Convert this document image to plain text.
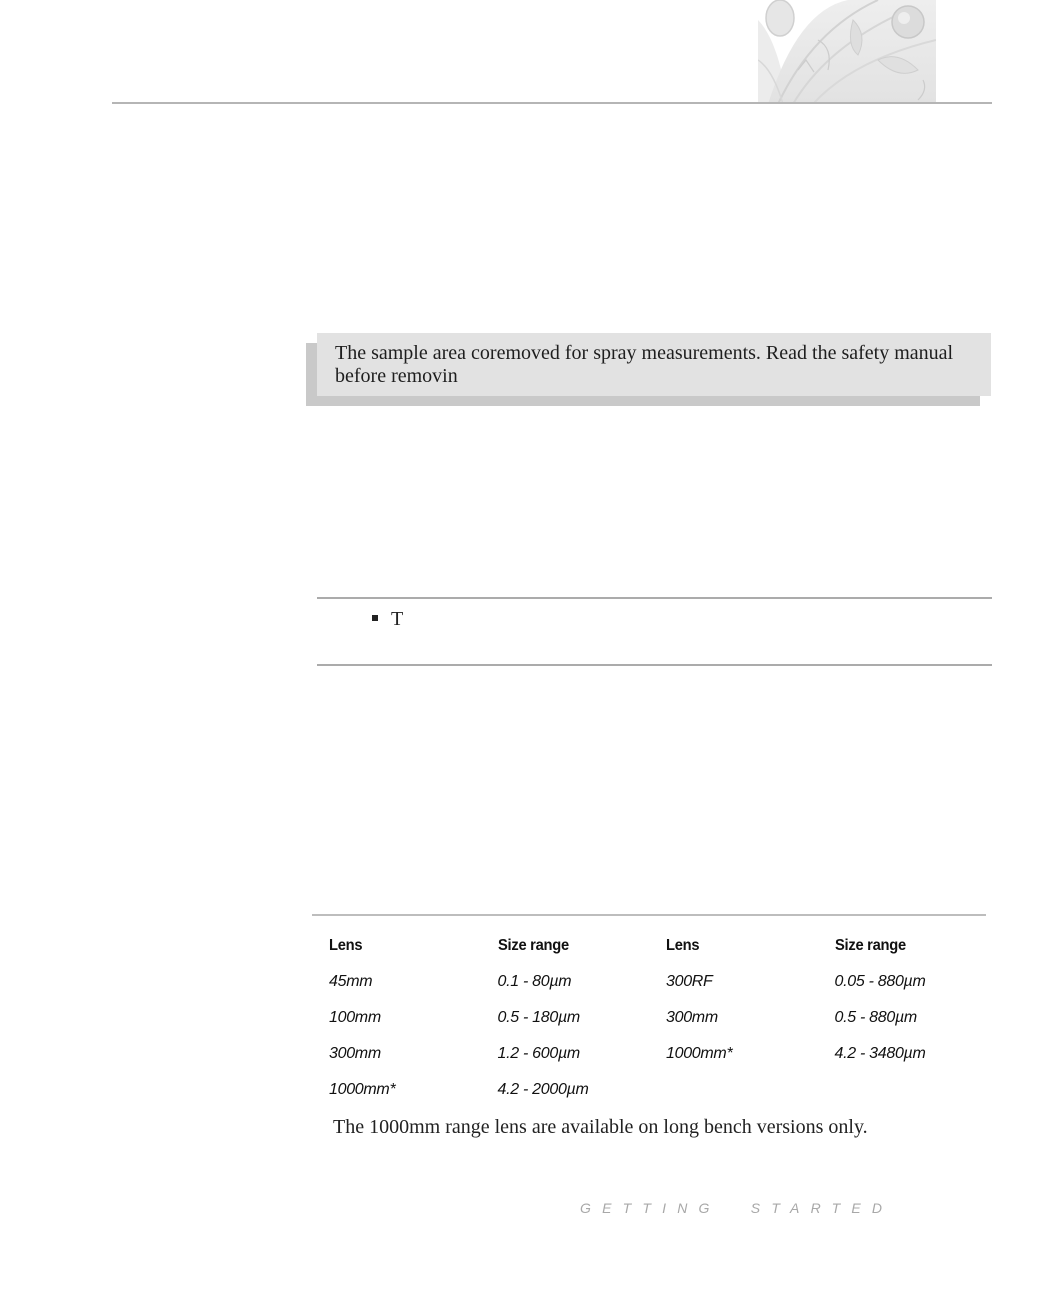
The sample area coremoved for spray measurements. Read the safety manual before removin
T
Lens	Size range	Lens	Size range
45mm	0.1 - 80µm	300RF	0.05 - 880µm
100mm	0.5 - 180µm	300mm	0.5 - 880µm
300mm	1.2 - 600µm	1000mm*	4.2 - 3480µm
1000mm*	4.2 - 2000µm
The 1000mm range lens are available on long bench versions only.
GETTING  STARTED
